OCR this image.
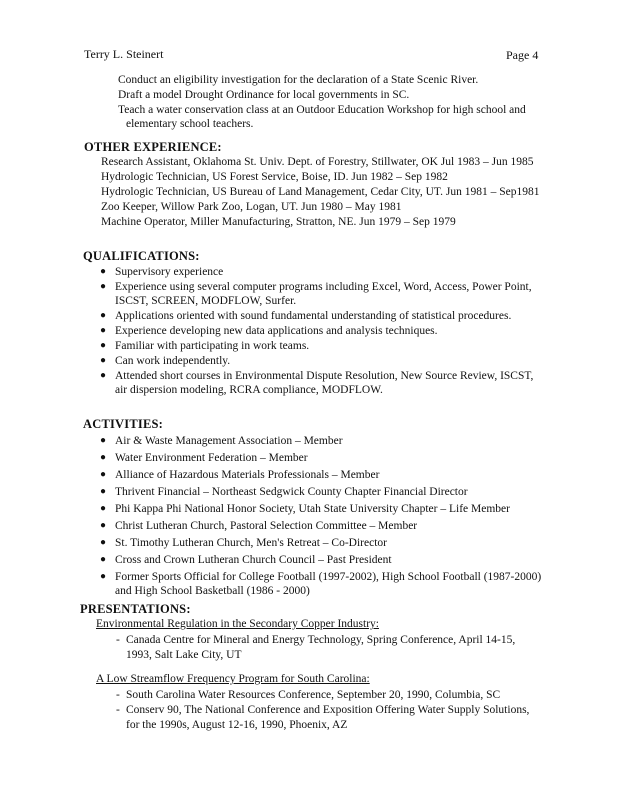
Terry L. Steinert	Page 4
Conduct an eligibility investigation for the declaration of a State Scenic River.
Draft a model Drought Ordinance for local governments in SC.
Teach a water conservation class at an Outdoor Education Workshop for high school and
elementary school teachers.
OTHER EXPERIENCE:
Research Assistant, Oklahoma St. Univ. Dept. of Forestry, Stillwater, OK Jul 1983 – Jun 1985
Hydrologic Technician, US Forest Service, Boise, ID. Jun 1982 – Sep 1982
Hydrologic Technician, US Bureau of Land Management, Cedar City, UT. Jun 1981 – Sep1981
Zoo Keeper, Willow Park Zoo, Logan, UT. Jun 1980 – May 1981
Machine Operator, Miller Manufacturing, Stratton, NE. Jun 1979 – Sep 1979
QUALIFICATIONS:
● Supervisory experience
● Experience using several computer programs including Excel, Word, Access, Power Point,
ISCST, SCREEN, MODFLOW, Surfer.
● Applications oriented with sound fundamental understanding of statistical procedures.
● Experience developing new data applications and analysis techniques.
● Familiar with participating in work teams.
● Can work independently.
● Attended short courses in Environmental Dispute Resolution, New Source Review, ISCST,
air dispersion modeling, RCRA compliance, MODFLOW.
ACTIVITIES:
● Air & Waste Management Association – Member
● Water Environment Federation – Member
● Alliance of Hazardous Materials Professionals – Member
● Thrivent Financial – Northeast Sedgwick County Chapter Financial Director
● Phi Kappa Phi National Honor Society, Utah State University Chapter – Life Member
● Christ Lutheran Church, Pastoral Selection Committee – Member
● St. Timothy Lutheran Church, Men's Retreat – Co-Director
● Cross and Crown Lutheran Church Council – Past President
● Former Sports Official for College Football (1997-2002), High School Football (1987-2000)
and High School Basketball (1986 - 2000)
PRESENTATIONS:
Environmental Regulation in the Secondary Copper Industry:
- Canada Centre for Mineral and Energy Technology, Spring Conference, April 14-15,
1993, Salt Lake City, UT
A Low Streamflow Frequency Program for South Carolina:
- South Carolina Water Resources Conference, September 20, 1990, Columbia, SC
- Conserv 90, The National Conference and Exposition Offering Water Supply Solutions,
for the 1990s, August 12-16, 1990, Phoenix, AZ
